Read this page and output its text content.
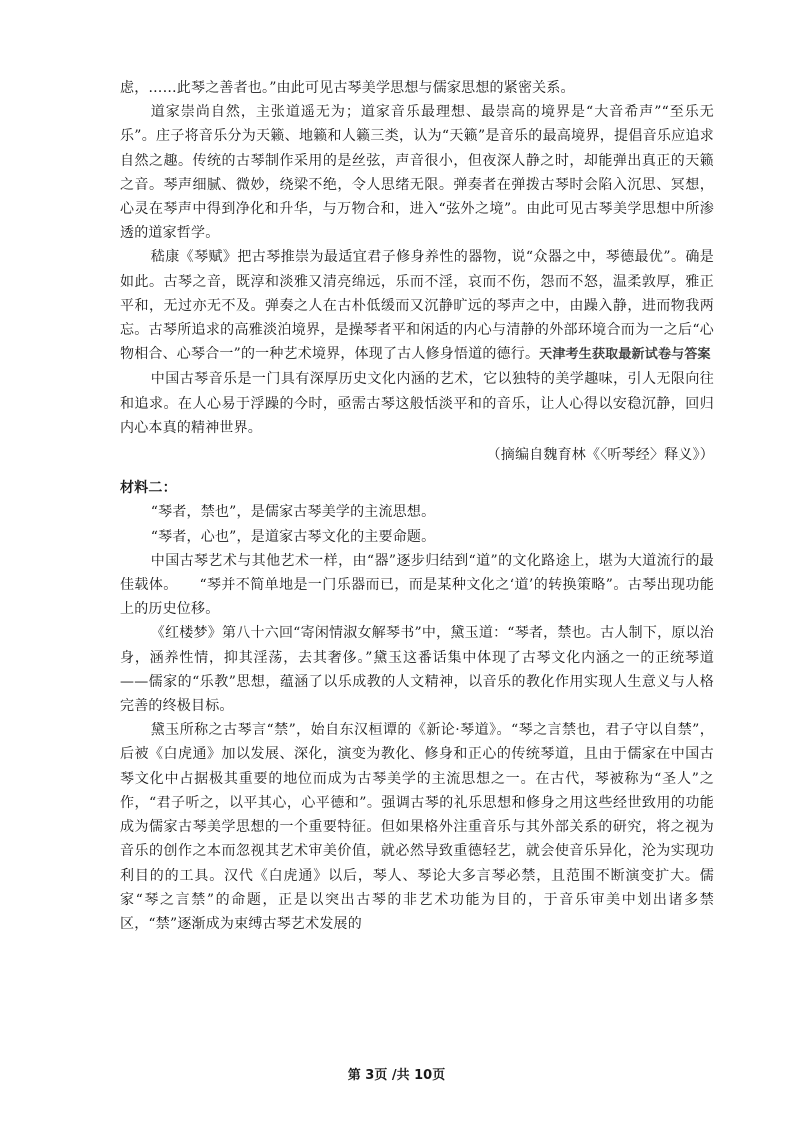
虑，……此琴之善者也。”由此可见古琴美学思想与儒家思想的紧密关系。

道家崇尚自然，主张道遥无为；道家音乐最理想、最崇高的境界是“大音希声”“至乐无乐”。庄子将音乐分为天籁、地籁和人籁三类，认为“天籁”是音乐的最高境界，提倡音乐应追求自然之趣。传统的古琴制作采用的是丝弦，声音很小，但夜深人静之时，却能弹出真正的天籁之音。琴声细腻、微妙，绕梁不绝，令人思绪无限。弹奏者在弹拨古琴时会陷入沉思、冥想，心灵在琴声中得到净化和升华，与万物合和，进入“弦外之境”。由此可见古琴美学思想中所渗透的道家哲学。

嵇康《琴赋》把古琴推崇为最适宜君子修身养性的器物，说“众器之中，琴德最优”。确是如此。古琴之音，既淳和淡雅又清亮绵远，乐而不淫，哀而不伤，怨而不怒，温柔敦厚，雅正平和，无过亦无不及。弹奏之人在古朴低缓而又沉静旷远的琴声之中，由躁入静，进而物我两忘。古琴所追求的高雅淡泊境界，是操琴者平和闲适的内心与清静的外部环境合而为一之后“心物相合、心琴合一”的一种艺术境界，体现了古人修身悟道的德行。天津考生获取最新试卷与答案

中国古琴音乐是一门具有深厚历史文化内涵的艺术，它以独特的美学趣味，引人无限向往和追求。在人心易于浮躁的今时，亟需古琴这般恬淡平和的音乐，让人心得以安稳沉静，回归内心本真的精神世界。

（摘编自魏育林《〈听琴经〉释义》）

材料二：

“琴者，禁也”，是儒家古琴美学的主流思想。

“琴者，心也”，是道家古琴文化的主要命题。

中国古琴艺术与其他艺术一样，由“器”逐步归结到“道”的文化路途上，堪为大道流行的最佳载体。　　“琴并不简单地是一门乐器而已，而是某种文化之‘道’的转换策略”。古琴出现功能上的历史位移。

《红楼梦》第八十六回“寄闲情淑女解琴书”中，黛玉道：“琴者，禁也。古人制下，原以治身，涵养性情，抑其淫荡，去其奢侈。”黛玉这番话集中体现了古琴文化内涵之一的正统琴道——儒家的“乐教”思想，蕴涵了以乐成教的人文精神，以音乐的教化作用实现人生意义与人格完善的终极目标。

黛玉所称之古琴言“禁”，始自东汉桓谭的《新论·琴道》。“琴之言禁也，君子守以自禁”，后被《白虎通》加以发展、深化，演变为教化、修身和正心的传统琴道，且由于儒家在中国古琴文化中占据极其重要的地位而成为古琴美学的主流思想之一。在古代，琴被称为“圣人”之作，“君子听之，以平其心，心平德和”。强调古琴的礼乐思想和修身之用这些经世致用的功能成为儒家古琴美学思想的一个重要特征。但如果格外注重音乐与其外部关系的研究，将之视为音乐的创作之本而忽视其艺术审美价值，就必然导致重德轻艺，就会使音乐异化，沦为实现功利目的的工具。汉代《白虎通》以后，琴人、琴论大多言琴必禁，且范围不断演变扩大。儒家“琴之言禁”的命题，正是以突出古琴的非艺术功能为目的，于音乐审美中划出诸多禁区，“禁”逐渐成为束缚古琴艺术发展的

第 3页 /共 10页
